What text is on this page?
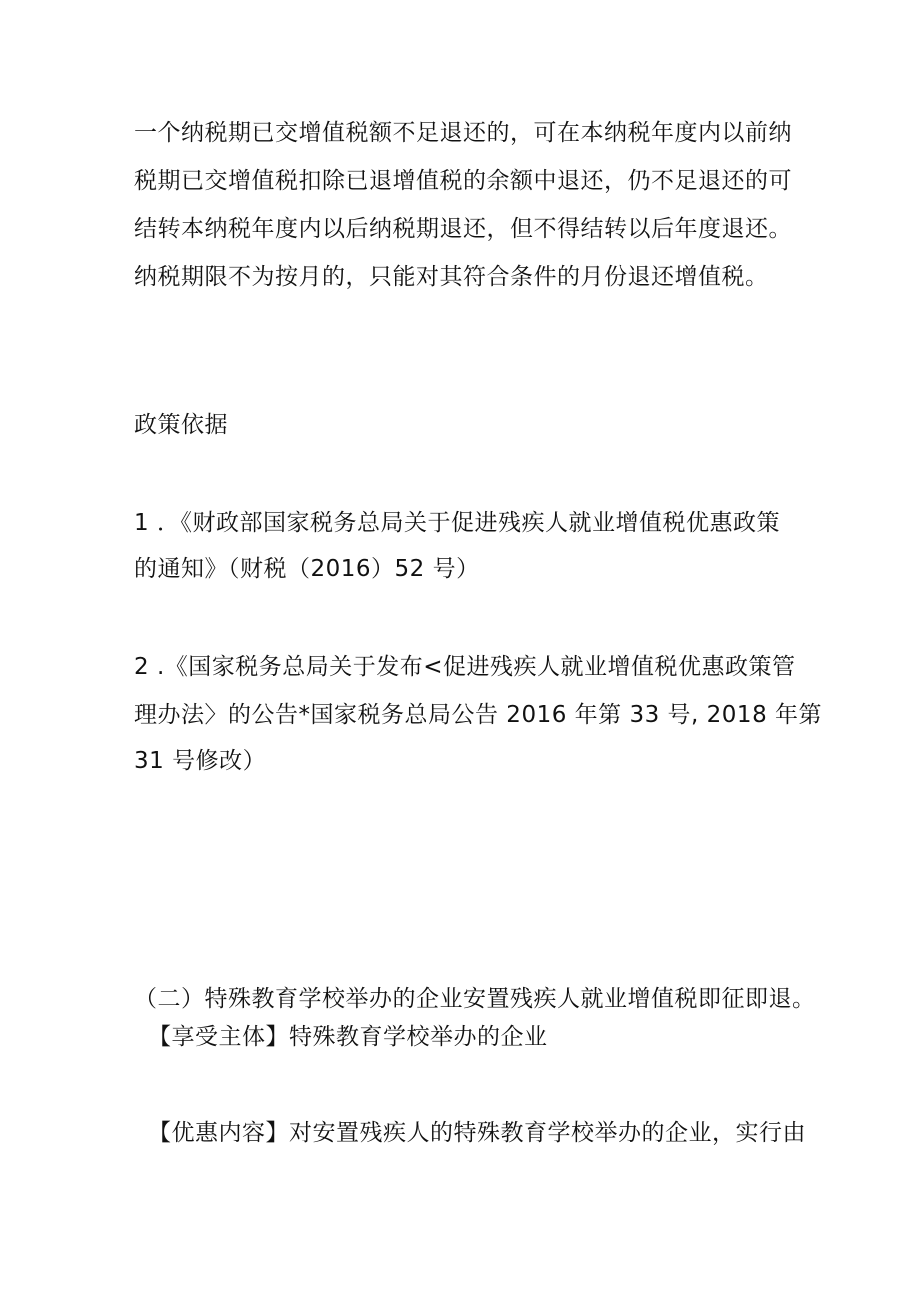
一个纳税期已交增值税额不足退还的，可在本纳税年度内以前纳
税期已交增值税扣除已退增值税的余额中退还，仍不足退还的可
结转本纳税年度内以后纳税期退还，但不得结转以后年度退还。
纳税期限不为按月的，只能对其符合条件的月份退还增值税。
政策依据
1 ．《财政部国家税务总局关于促进残疾人就业增值税优惠政策
的通知》（财税（2016）52 号）
2 .《国家税务总局关于发布<促进残疾人就业增值税优惠政策管
理办法〉的公告*国家税务总局公告 2016 年第 33 号, 2018 年第
31 号修改）
（二）特殊教育学校举办的企业安置残疾人就业增值税即征即退。
【享受主体】特殊教育学校举办的企业
【优惠内容】对安置残疾人的特殊教育学校举办的企业，实行由
